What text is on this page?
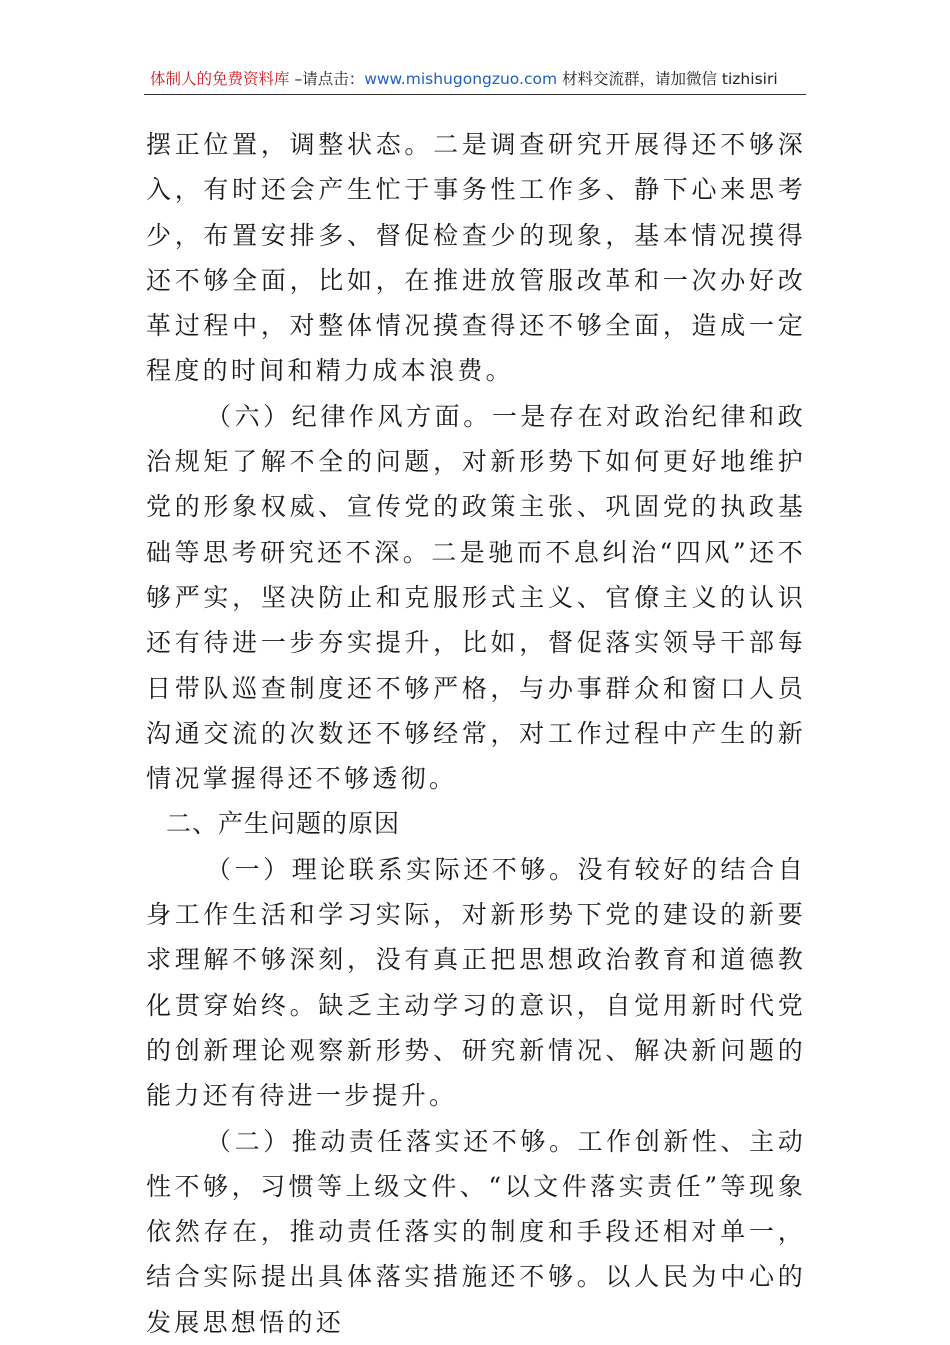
体制人的免费资料库 –请点击：www.mishugongzuo.com 材料交流群，请加微信 tizhisiri

摆正位置，调整状态。二是调查研究开展得还不够深入，有时还会产生忙于事务性工作多、静下心来思考少，布置安排多、督促检查少的现象，基本情况摸得还不够全面，比如，在推进放管服改革和一次办好改革过程中，对整体情况摸查得还不够全面，造成一定程度的时间和精力成本浪费。

（六）纪律作风方面。一是存在对政治纪律和政治规矩了解不全的问题，对新形势下如何更好地维护党的形象权威、宣传党的政策主张、巩固党的执政基础等思考研究还不深。二是驰而不息纠治“四风”还不够严实，坚决防止和克服形式主义、官僚主义的认识还有待进一步夯实提升，比如，督促落实领导干部每日带队巡查制度还不够严格，与办事群众和窗口人员沟通交流的次数还不够经常，对工作过程中产生的新情况掌握得还不够透彻。

二、产生问题的原因

（一）理论联系实际还不够。没有较好的结合自身工作生活和学习实际，对新形势下党的建设的新要求理解不够深刻，没有真正把思想政治教育和道德教化贯穿始终。缺乏主动学习的意识，自觉用新时代党的创新理论观察新形势、研究新情况、解决新问题的能力还有待进一步提升。

（二）推动责任落实还不够。工作创新性、主动性不够，习惯等上级文件、“以文件落实责任”等现象依然存在，推动责任落实的制度和手段还相对单一，结合实际提出具体落实措施还不够。以人民为中心的发展思想悟的还
